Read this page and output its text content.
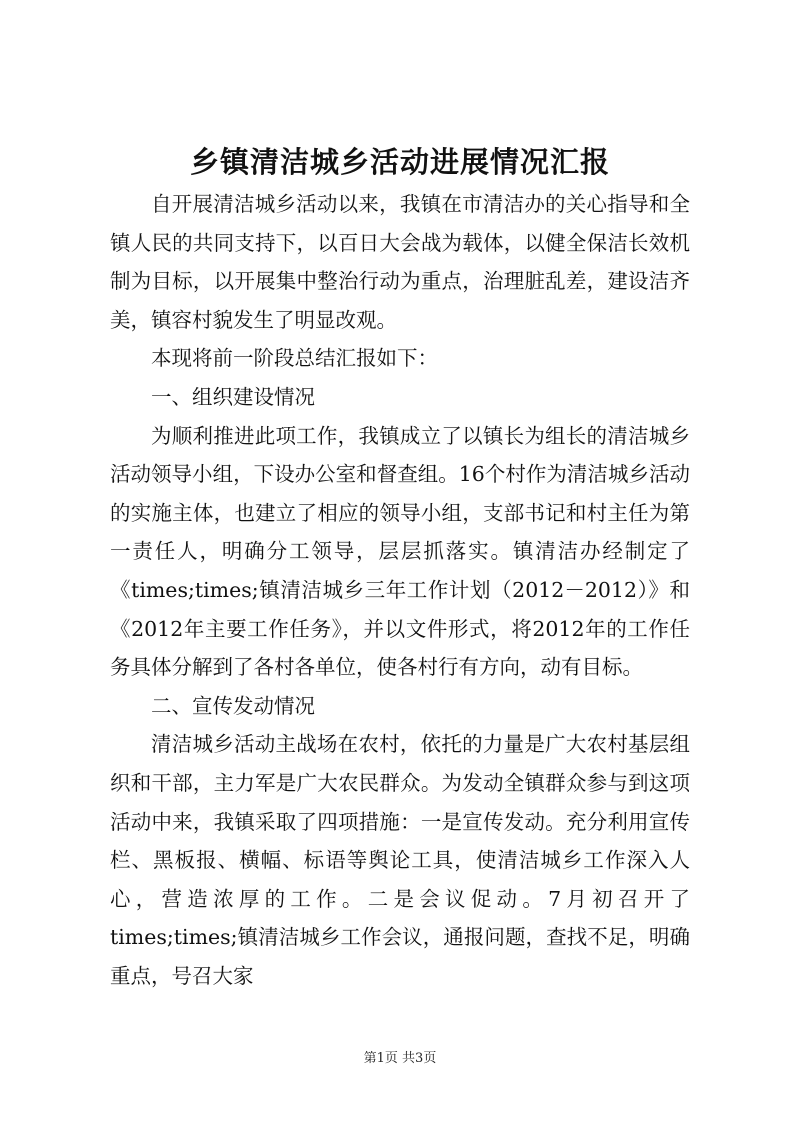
乡镇清洁城乡活动进展情况汇报

自开展清洁城乡活动以来，我镇在市清洁办的关心指导和全镇人民的共同支持下，以百日大会战为载体，以健全保洁长效机制为目标，以开展集中整治行动为重点，治理脏乱差，建设洁齐美，镇容村貌发生了明显改观。

本现将前一阶段总结汇报如下：

一、组织建设情况

为顺利推进此项工作，我镇成立了以镇长为组长的清洁城乡活动领导小组，下设办公室和督查组。16个村作为清洁城乡活动的实施主体，也建立了相应的领导小组，支部书记和村主任为第一责任人，明确分工领导，层层抓落实。镇清洁办经制定了《times;times;镇清洁城乡三年工作计划（2012－2012）》和《2012年主要工作任务》，并以文件形式，将2012年的工作任务具体分解到了各村各单位，使各村行有方向，动有目标。

二、宣传发动情况

清洁城乡活动主战场在农村，依托的力量是广大农村基层组织和干部，主力军是广大农民群众。为发动全镇群众参与到这项活动中来，我镇采取了四项措施：一是宣传发动。充分利用宣传栏、黑板报、横幅、标语等舆论工具，使清洁城乡工作深入人心，营造浓厚的工作。二是会议促动。7月初召开了times;times;镇清洁城乡工作会议，通报问题，查找不足，明确重点，号召大家

第1页 共3页
